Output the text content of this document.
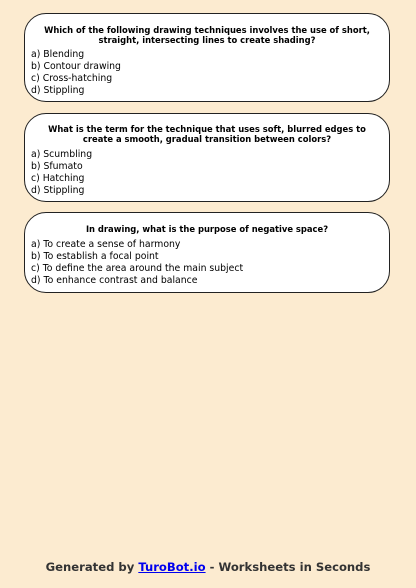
Which of the following drawing techniques involves the use of short, straight, intersecting lines to create shading?
a) Blending
b) Contour drawing
c) Cross-hatching
d) Stippling
What is the term for the technique that uses soft, blurred edges to create a smooth, gradual transition between colors?
a) Scumbling
b) Sfumato
c) Hatching
d) Stippling
In drawing, what is the purpose of negative space?
a) To create a sense of harmony
b) To establish a focal point
c) To define the area around the main subject
d) To enhance contrast and balance
Generated by TuroBot.io - Worksheets in Seconds
